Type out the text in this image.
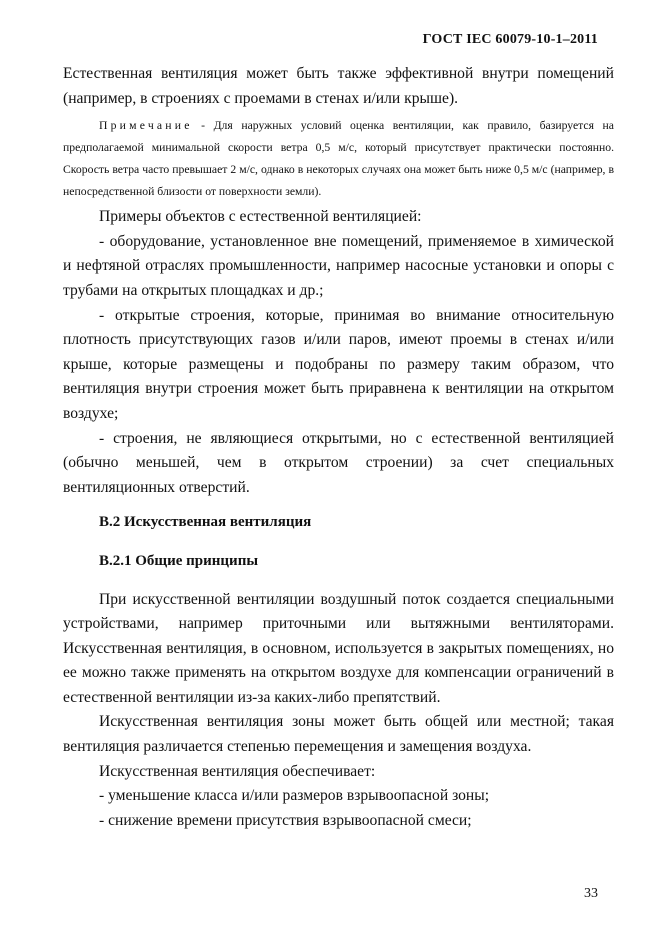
ГОСТ IEC 60079-10-1–2011

Естественная вентиляция может быть также эффективной внутри помещений (например, в строениях с проемами в стенах и/или крыше).

Примечание - Для наружных условий оценка вентиляции, как правило, базируется на предполагаемой минимальной скорости ветра 0,5 м/с, который присутствует практически постоянно. Скорость ветра часто превышает 2 м/с, однако в некоторых случаях она может быть ниже 0,5 м/с (например, в непосредственной близости от поверхности земли).

Примеры объектов с естественной вентиляцией:

- оборудование, установленное вне помещений, применяемое в химической и нефтяной отраслях промышленности, например насосные установки и опоры с трубами на открытых площадках и др.;

- открытые строения, которые, принимая во внимание относительную плотность присутствующих газов и/или паров, имеют проемы в стенах и/или крыше, которые размещены и подобраны по размеру таким образом, что вентиляция внутри строения может быть приравнена к вентиляции на открытом воздухе;

- строения, не являющиеся открытыми, но с естественной вентиляцией (обычно меньшей, чем в открытом строении) за счет специальных вентиляционных отверстий.

В.2 Искусственная вентиляция

В.2.1 Общие принципы

При искусственной вентиляции воздушный поток создается специальными устройствами, например приточными или вытяжными вентиляторами. Искусственная вентиляция, в основном, используется в закрытых помещениях, но ее можно также применять на открытом воздухе для компенсации ограничений в естественной вентиляции из-за каких-либо препятствий.

Искусственная вентиляция зоны может быть общей или местной; такая вентиляция различается степенью перемещения и замещения воздуха.

Искусственная вентиляция обеспечивает:

- уменьшение класса и/или размеров взрывоопасной зоны;

- снижение времени присутствия взрывоопасной смеси;

33
